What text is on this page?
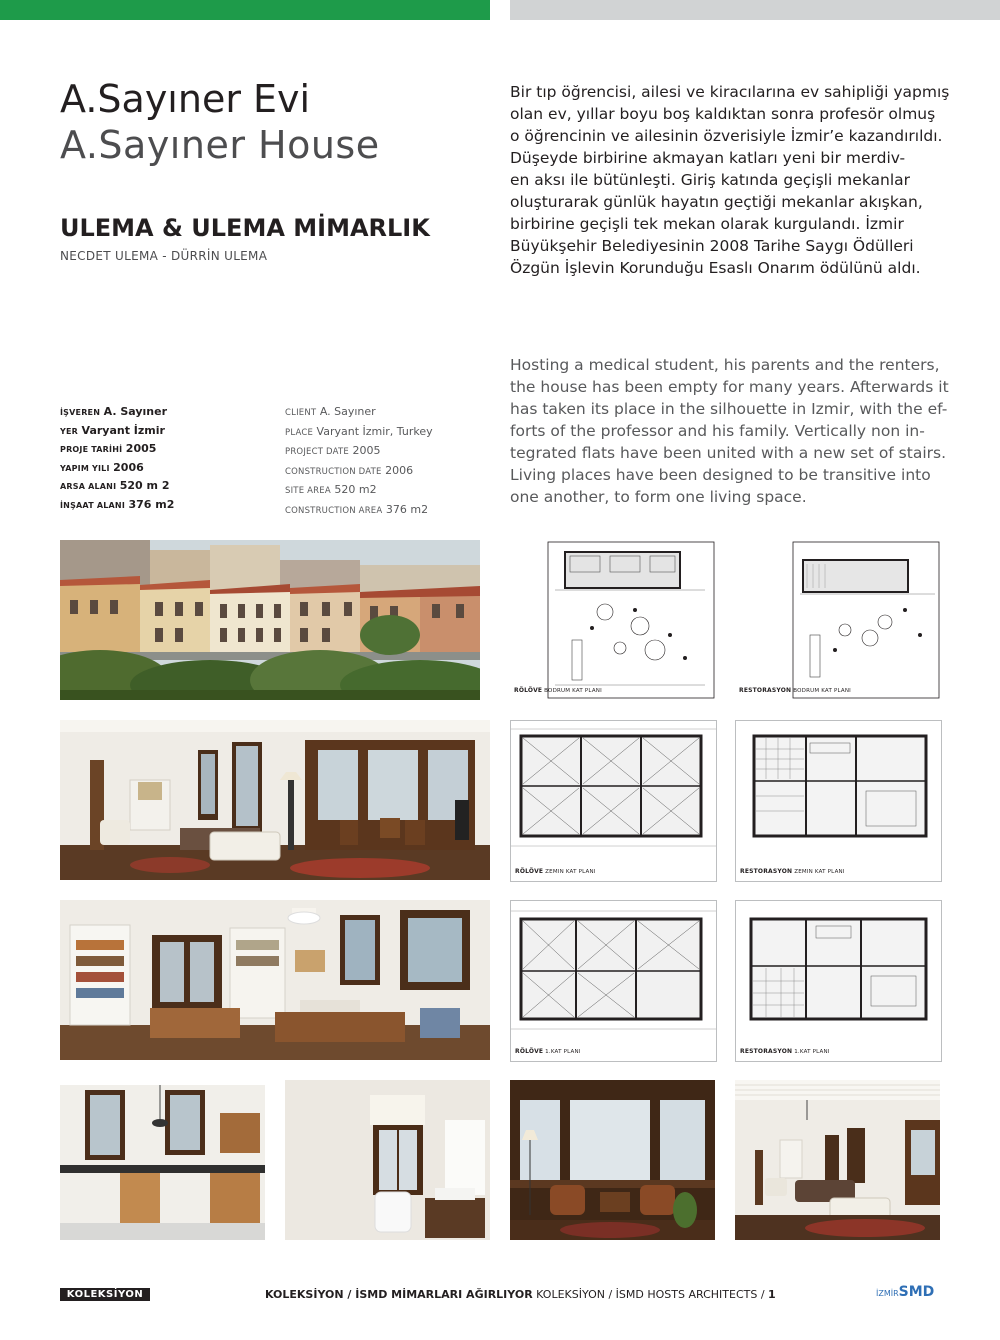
A.Sayıner Evi
A.Sayıner House
ULEMA & ULEMA MİMARLIK
NECDET ULEMA - DÜRRİN ULEMA

Bir tıp öğrencisi, ailesi ve kiracılarına ev sahipliği yapmış
olan ev, yıllar boyu boş kaldıktan sonra profesör olmuş
o öğrencinin ve ailesinin özverisiyle İzmir’e kazandırıldı.
Düşeyde birbirine akmayan katları yeni bir merdiv-
en aksı ile bütünleşti. Giriş katında geçişli mekanlar
oluşturarak günlük hayatın geçtiği mekanlar akışkan,
birbirine geçişli tek mekan olarak kurgulandı. İzmir
Büyükşehir Belediyesinin 2008 Tarihe Saygı Ödülleri
Özgün İşlevin Korunduğu Esaslı Onarım ödülünü aldı.

Hosting a medical student, his parents and the renters,
the house has been empty for many years. Afterwards it
has taken its place in the silhouette in Izmir, with the ef-
forts of the professor and his family. Vertically non in-
tegrated flats have been united with a new set of stairs.
Living places have been designed to be transitive into
one another, to form one living space.

İŞVEREN A. Sayıner
YER Varyant İzmir
PROJE TARİHİ 2005
YAPIM YILI 2006
ARSA ALANI 520 m 2
İNŞAAT ALANI 376 m2
CLIENT A. Sayıner
PLACE Varyant İzmir, Turkey
PROJECT DATE 2005
CONSTRUCTION DATE 2006
SITE AREA 520 m2
CONSTRUCTION AREA 376 m2
RÖLÖVE BODRUM KAT PLANI	RESTORASYON BODRUM KAT PLANI
RÖLÖVE ZEMIN KAT PLANI	RESTORASYON ZEMIN KAT PLANI
RÖLÖVE 1.KAT PLANI	RESTORASYON 1.KAT PLANI
KOLEKSİYON	KOLEKSİYON / İSMD MİMARLARI AĞIRLIYOR KOLEKSİYON / İSMD HOSTS ARCHITECTS / 1	İZMİRSMD
